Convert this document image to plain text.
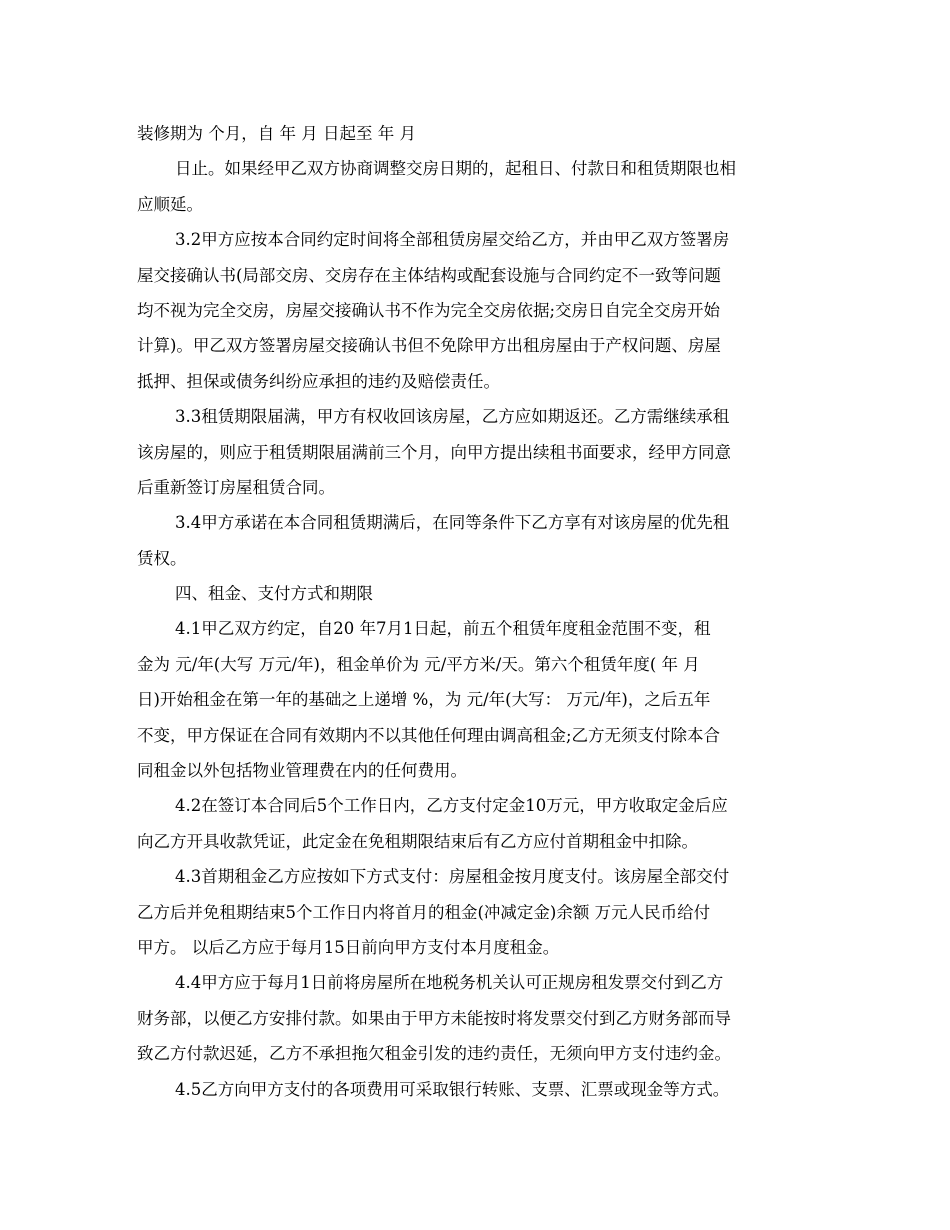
装修期为 个月，自 年 月 日起至 年 月
日止。如果经甲乙双方协商调整交房日期的，起租日、付款日和租赁期限也相
应顺延。
3.2甲方应按本合同约定时间将全部租赁房屋交给乙方，并由甲乙双方签署房
屋交接确认书(局部交房、交房存在主体结构或配套设施与合同约定不一致等问题
均不视为完全交房，房屋交接确认书不作为完全交房依据;交房日自完全交房开始
计算)。甲乙双方签署房屋交接确认书但不免除甲方出租房屋由于产权问题、房屋
抵押、担保或债务纠纷应承担的违约及赔偿责任。
3.3租赁期限届满，甲方有权收回该房屋，乙方应如期返还。乙方需继续承租
该房屋的，则应于租赁期限届满前三个月，向甲方提出续租书面要求，经甲方同意
后重新签订房屋租赁合同。
3.4甲方承诺在本合同租赁期满后，在同等条件下乙方享有对该房屋的优先租
赁权。
四、租金、支付方式和期限
4.1甲乙双方约定，自20 年7月1日起，前五个租赁年度租金范围不变，租
金为 元/年(大写 万元/年)，租金单价为 元/平方米/天。第六个租赁年度( 年 月
日)开始租金在第一年的基础之上递增 %，为 元/年(大写： 万元/年)，之后五年
不变，甲方保证在合同有效期内不以其他任何理由调高租金;乙方无须支付除本合
同租金以外包括物业管理费在内的任何费用。
4.2在签订本合同后5个工作日内，乙方支付定金10万元，甲方收取定金后应
向乙方开具收款凭证，此定金在免租期限结束后有乙方应付首期租金中扣除。
4.3首期租金乙方应按如下方式支付：房屋租金按月度支付。该房屋全部交付
乙方后并免租期结束5个工作日内将首月的租金(冲减定金)余额 万元人民币给付
甲方。 以后乙方应于每月15日前向甲方支付本月度租金。
4.4甲方应于每月1日前将房屋所在地税务机关认可正规房租发票交付到乙方
财务部，以便乙方安排付款。如果由于甲方未能按时将发票交付到乙方财务部而导
致乙方付款迟延，乙方不承担拖欠租金引发的违约责任，无须向甲方支付违约金。
4.5乙方向甲方支付的各项费用可采取银行转账、支票、汇票或现金等方式。
